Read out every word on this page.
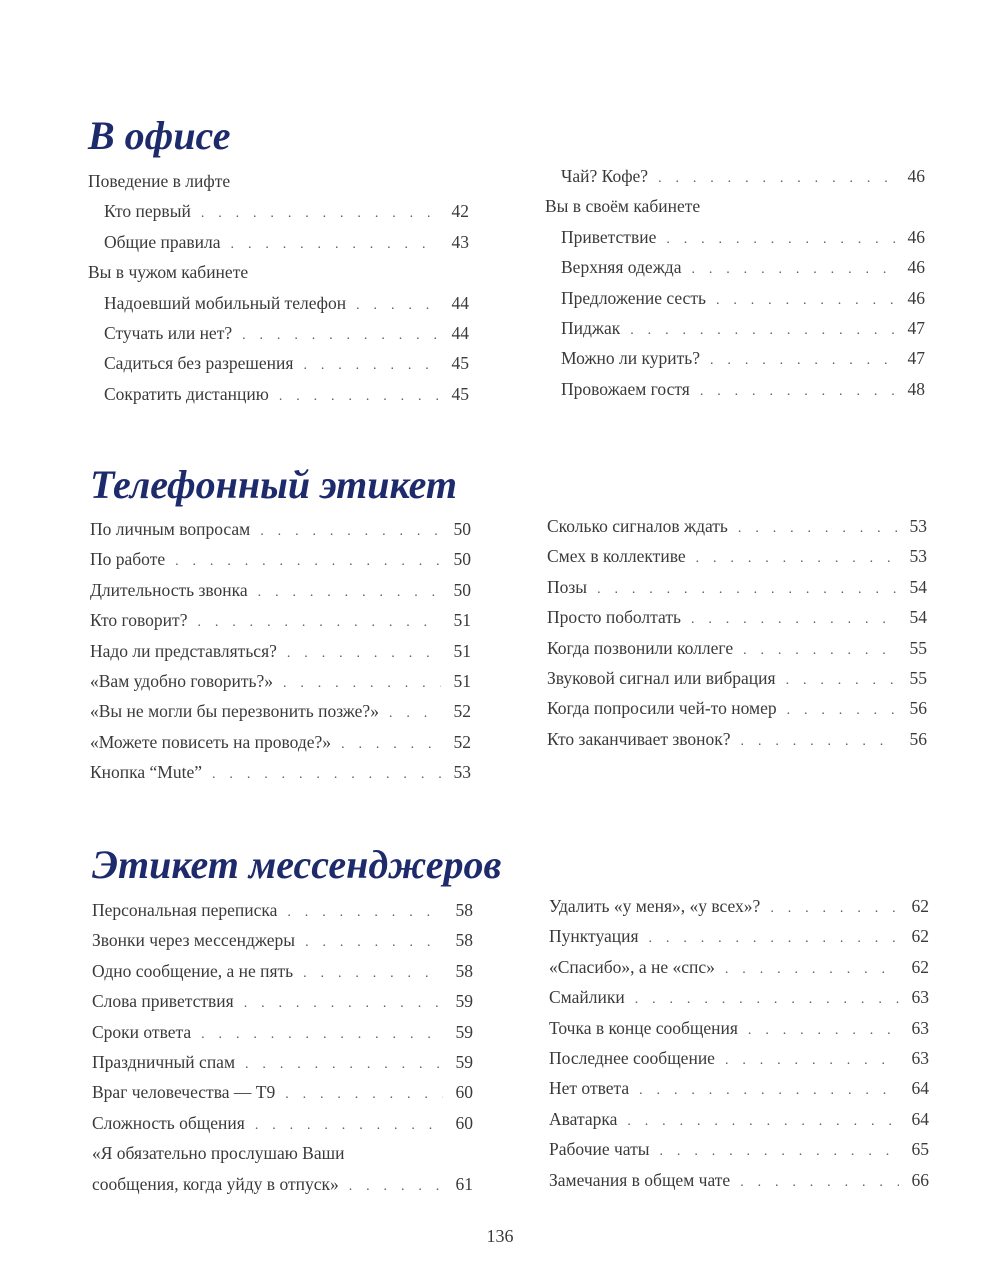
В офисе
Поведение в лифте
Кто первый . . .	42
Общие правила . . .	43
Вы в чужом кабинете
Надоевший мобильный телефон . . .	44
Стучать или нет? . . .	44
Садиться без разрешения . . .	45
Сократить дистанцию . . .	45
Чай? Кофе? . . .	46
Вы в своём кабинете
Приветствие . . .	46
Верхняя одежда . . .	46
Предложение сесть . . .	46
Пиджак . . .	47
Можно ли курить? . . .	47
Провожаем гостя . . .	48
Телефонный этикет
По личным вопросам . . .	50
По работе . . .	50
Длительность звонка . . .	50
Кто говорит? . . .	51
Надо ли представляться? . . .	51
«Вам удобно говорить?» . . .	51
«Вы не могли бы перезвонить позже?» . . .	52
«Можете повисеть на проводе?» . . .	52
Кнопка “Mute” . . .	53
Сколько сигналов ждать . . .	53
Смех в коллективе . . .	53
Позы . . .	54
Просто поболтать . . .	54
Когда позвонили коллеге . . .	55
Звуковой сигнал или вибрация . . .	55
Когда попросили чей-то номер . . .	56
Кто заканчивает звонок? . . .	56
Этикет мессенджеров
Персональная переписка . . .	58
Звонки через мессенджеры . . .	58
Одно сообщение, а не пять . . .	58
Слова приветствия . . .	59
Сроки ответа . . .	59
Праздничный спам . . .	59
Враг человечества — Т9 . . .	60
Сложность общения . . .	60
«Я обязательно прослушаю Ваши
сообщения, когда уйду в отпуск» . . .	61
Удалить «у меня», «у всех»? . . .	62
Пунктуация . . .	62
«Спасибо», а не «спс» . . .	62
Смайлики . . .	63
Точка в конце сообщения . . .	63
Последнее сообщение . . .	63
Нет ответа . . .	64
Аватарка . . .	64
Рабочие чаты . . .	65
Замечания в общем чате . . .	66
136
